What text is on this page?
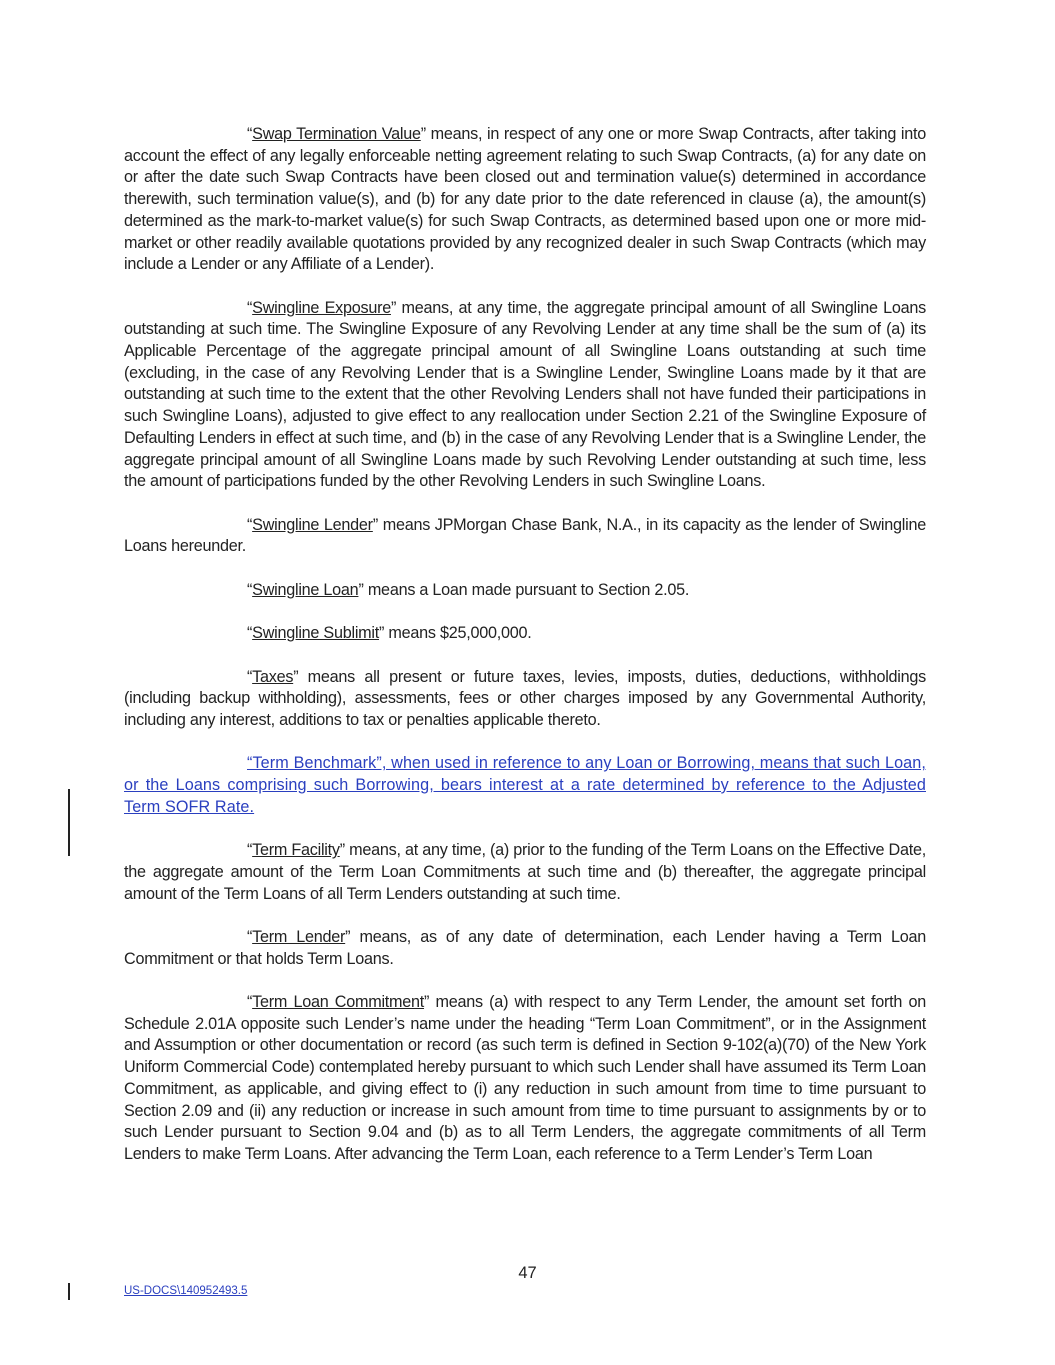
“Swap Termination Value” means, in respect of any one or more Swap Contracts, after taking into account the effect of any legally enforceable netting agreement relating to such Swap Contracts, (a) for any date on or after the date such Swap Contracts have been closed out and termination value(s) determined in accordance therewith, such termination value(s), and (b) for any date prior to the date referenced in clause (a), the amount(s) determined as the mark-to-market value(s) for such Swap Contracts, as determined based upon one or more mid-market or other readily available quotations provided by any recognized dealer in such Swap Contracts (which may include a Lender or any Affiliate of a Lender).

“Swingline Exposure” means, at any time, the aggregate principal amount of all Swingline Loans outstanding at such time. The Swingline Exposure of any Revolving Lender at any time shall be the sum of (a) its Applicable Percentage of the aggregate principal amount of all Swingline Loans outstanding at such time (excluding, in the case of any Revolving Lender that is a Swingline Lender, Swingline Loans made by it that are outstanding at such time to the extent that the other Revolving Lenders shall not have funded their participations in such Swingline Loans), adjusted to give effect to any reallocation under Section 2.21 of the Swingline Exposure of Defaulting Lenders in effect at such time, and (b) in the case of any Revolving Lender that is a Swingline Lender, the aggregate principal amount of all Swingline Loans made by such Revolving Lender outstanding at such time, less the amount of participations funded by the other Revolving Lenders in such Swingline Loans.

“Swingline Lender” means JPMorgan Chase Bank, N.A., in its capacity as the lender of Swingline Loans hereunder.

“Swingline Loan” means a Loan made pursuant to Section 2.05.

“Swingline Sublimit” means $25,000,000.

“Taxes” means all present or future taxes, levies, imposts, duties, deductions, withholdings (including backup withholding), assessments, fees or other charges imposed by any Governmental Authority, including any interest, additions to tax or penalties applicable thereto.

“Term Benchmark”, when used in reference to any Loan or Borrowing, means that such Loan, or the Loans comprising such Borrowing, bears interest at a rate determined by reference to the Adjusted Term SOFR Rate.

“Term Facility” means, at any time, (a) prior to the funding of the Term Loans on the Effective Date, the aggregate amount of the Term Loan Commitments at such time and (b) thereafter, the aggregate principal amount of the Term Loans of all Term Lenders outstanding at such time.

“Term Lender” means, as of any date of determination, each Lender having a Term Loan Commitment or that holds Term Loans.

“Term Loan Commitment” means (a) with respect to any Term Lender, the amount set forth on Schedule 2.01A opposite such Lender’s name under the heading “Term Loan Commitment”, or in the Assignment and Assumption or other documentation or record (as such term is defined in Section 9-102(a)(70) of the New York Uniform Commercial Code) contemplated hereby pursuant to which such Lender shall have assumed its Term Loan Commitment, as applicable, and giving effect to (i) any reduction in such amount from time to time pursuant to Section 2.09 and (ii) any reduction or increase in such amount from time to time pursuant to assignments by or to such Lender pursuant to Section 9.04 and (b) as to all Term Lenders, the aggregate commitments of all Term Lenders to make Term Loans. After advancing the Term Loan, each reference to a Term Lender’s Term Loan

47
US-DOCS\140952493.5
